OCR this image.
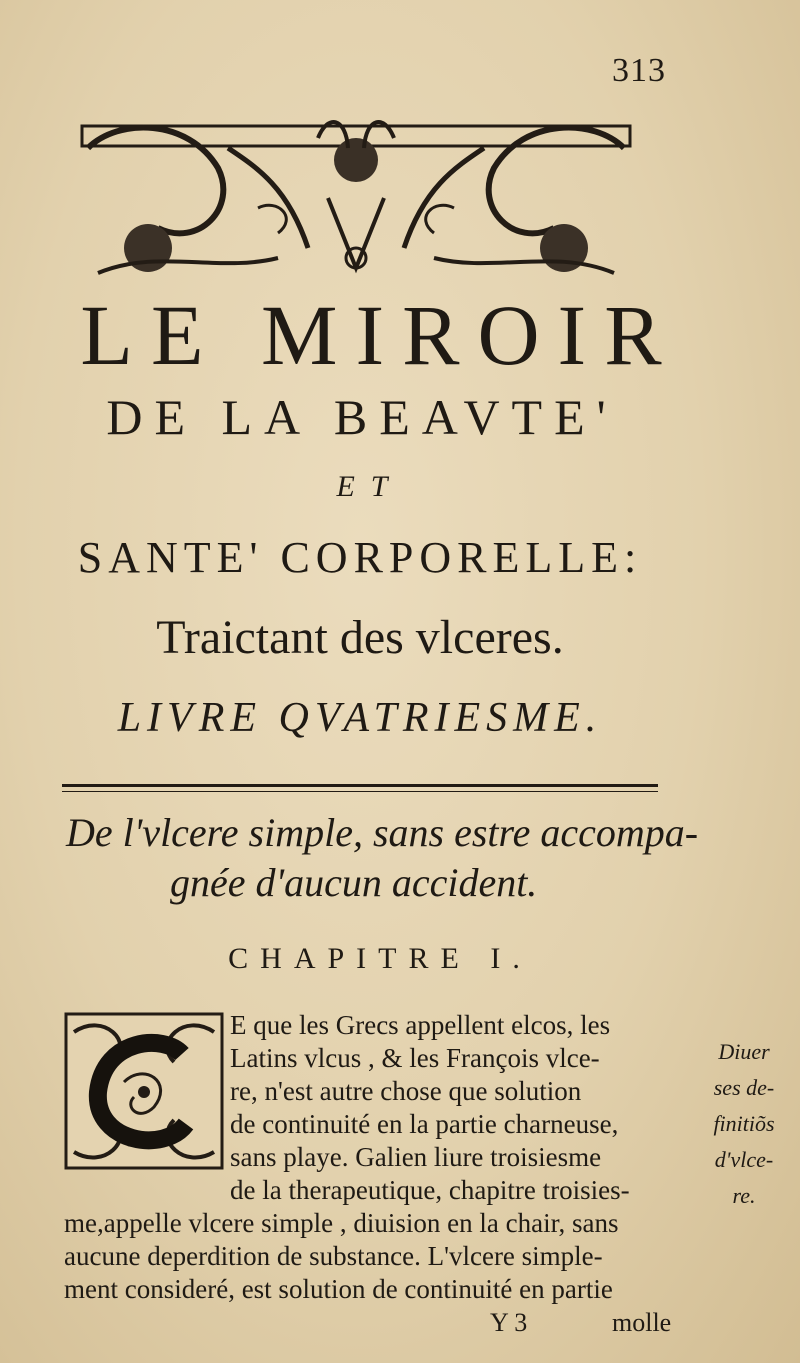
313
LE MIROIR
DE LA BEAVTE'
ET
SANTE' CORPORELLE:
Traictant des vlceres.
LIVRE QVATRIESME.
De l'vlcere simple, sans estre accompa-
gnée d'aucun accident.
CHAPITRE I.
E que les Grecs appellent elcos, les
Latins vlcus , & les François vlce-
re, n'est autre chose que solution
de continuité en la partie charneuse,
sans playe. Galien liure troisiesme
de la therapeutique, chapitre troisies-
me,appelle vlcere simple , diuision en la chair, sans
aucune deperdition de substance. L'vlcere simple-
ment consideré, est solution de continuité en partie
Diuer
ses de-
finitiõs
d'vlce-
re.
Y 3	molle
